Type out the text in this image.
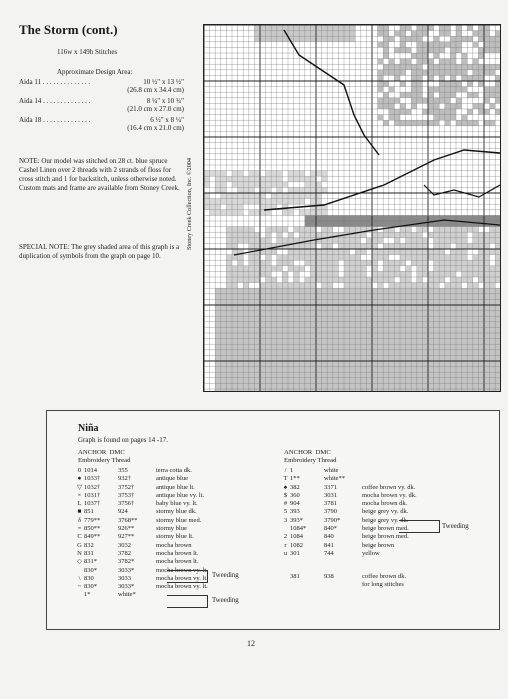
The Storm (cont.)
116w x 149h Stitches
Approximate Design Area:
Aida 11 . . . . . . . . . . . . . .	10 ½" x 13 ½"
(26.8 cm x 34.4 cm)
Aida 14 . . . . . . . . . . . . . .	8 ¼" x 10 ¾"
(21.0 cm x 27.0 cm)
Aida 18 . . . . . . . . . . . . . .	6 ½" x 8 ¼"
(16.4 cm x 21.0 cm)
NOTE: Our model was stitched on 28 ct. blue spruce Cashel Linen over 2 threads with 2 strands of floss for cross stitch and 1 for backstitch, unless otherwise noted. Custom mats and frame are available from Stoney Creek.
SPECIAL NOTE: The grey shaded area of this graph is a duplication of symbols from the graph on page 10.
Stoney Creek Collection, Inc. ©2004
Niña
Graph is found on pages 14 -17.
ANCHOR DMC
Embroidery Thread
ANCHOR DMC
Embroidery Thread
0 1014	355	terra cotta dk.
● 1033†	932†	antique blue
▽ 1032†	3752†	antique blue lt.
× 1031†	3753†	antique blue vy. lt.
L 1037†	3756†	baby blue vy. lt.
■ 851	924	stormy blue dk.
δ 779**	3768**	stormy blue med.
= 850**	926**	stormy blue
C 849**	927**	stormy blue lt.
G 832	3032	mocha brown
N 831	3782	mocha brown lt.
◇ 831*	3782*	mocha brown lt.
830*	3033*	mocha brown vy. lt.
\ 830	3033	mocha brown vy. lt.
~ 830*	3033*	mocha brown vy. lt.
1*	white*
/ 1	white
T 1**	white**
♠ 382	3371	coffee brown vy. dk.
$ 360	3031	mocha brown vy. dk.
# 904	3781	mocha brown dk.
5 393	3790	beige grey vy. dk.
3 393*	3790*	beige grey vy. dk.
1084*	840*	beige brown med.
2 1084	840	beige brown med.
r 1082	841	beige brown
u 301	744	yellow
Tweeding
Tweeding
Tweeding
381	938	coffee brown dk.
for long stitches
12
